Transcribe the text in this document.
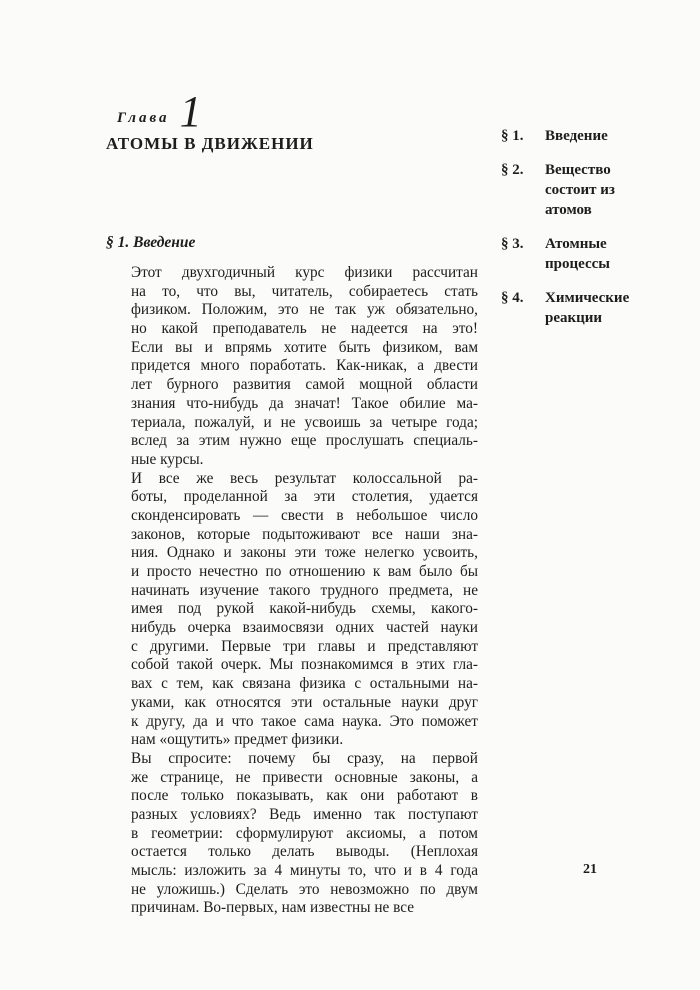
Глава 1
АТОМЫ В ДВИЖЕНИИ	§ 1.	Введение
§ 2.	Вещество состоит из атомов
§ 3.	Атомные процессы
§ 4.	Химические реакции
§ 1. Введение

Этот двухгодичный курс физики рассчитан
на то, что вы, читатель, собираетесь стать
физиком. Положим, это не так уж обязательно,
но какой преподаватель не надеется на это!
Если вы и впрямь хотите быть физиком, вам
придется много поработать. Как-никак, а двести
лет бурного развития самой мощной области
знания что-нибудь да значат! Такое обилие ма-
териала, пожалуй, и не усвоишь за четыре года;
вслед за этим нужно еще прослушать специаль-
ные курсы.

И все же весь результат колоссальной ра-
боты, проделанной за эти столетия, удается
сконденсировать — свести в небольшое число
законов, которые подытоживают все наши зна-
ния. Однако и законы эти тоже нелегко усвоить,
и просто нечестно по отношению к вам было бы
начинать изучение такого трудного предмета, не
имея под рукой какой-нибудь схемы, какого-
нибудь очерка взаимосвязи одних частей науки
с другими. Первые три главы и представляют
собой такой очерк. Мы познакомимся в этих гла-
вах с тем, как связана физика с остальными на-
уками, как относятся эти остальные науки друг
к другу, да и что такое сама наука. Это поможет
нам «ощутить» предмет физики.

Вы спросите: почему бы сразу, на первой
же странице, не привести основные законы, а
после только показывать, как они работают в
разных условиях? Ведь именно так поступают
в геометрии: сформулируют аксиомы, а потом
остается только делать выводы. (Неплохая
мысль: изложить за 4 минуты то, что и в 4 года
не уложишь.) Сделать это невозможно по двум
причинам. Во-первых, нам известны не все

21
